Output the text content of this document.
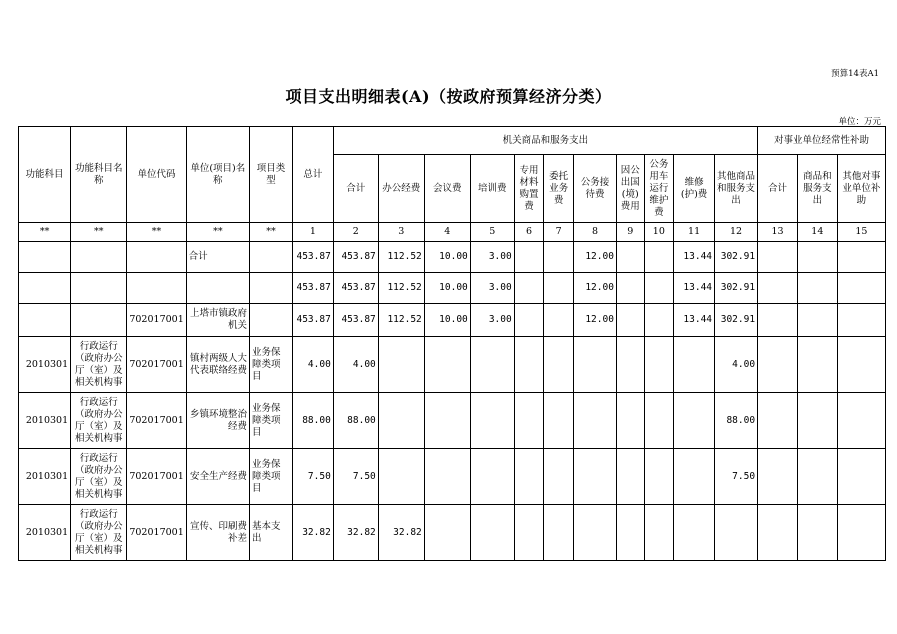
预算14表A1
项目支出明细表(A)（按政府预算经济分类）
单位：万元
功能科目	功能科目名称	单位代码	单位(项目)名称	项目类型	总计	机关商品和服务支出											对事业单位经常性补助		
						合计	办公经费	会议费	培训费	专用材料购置费	委托业务费	公务接待费	因公出国(境)费用	公务用车运行维护费	维修(护)费	其他商品和服务支出	合计	商品和服务支出	其他对事业单位补助
**	**	**	**	**	1	2	3	4	5	6	7	8	9	10	11	12	13	14	15
			合计		453.87	453.87	112.52	10.00	3.00			12.00			13.44	302.91			
					453.87	453.87	112.52	10.00	3.00			12.00			13.44	302.91			
		702017001	上塔市镇政府机关		453.87	453.87	112.52	10.00	3.00			12.00			13.44	302.91			
2010301	行政运行（政府办公厅（室）及相关机构事	702017001	镇村两级人大代表联络经费	业务保障类项目	4.00	4.00										4.00			
2010301	行政运行（政府办公厅（室）及相关机构事	702017001	乡镇环境整治经费	业务保障类项目	88.00	88.00										88.00			
2010301	行政运行（政府办公厅（室）及相关机构事	702017001	安全生产经费	业务保障类项目	7.50	7.50										7.50			
2010301	行政运行（政府办公厅（室）及相关机构事	702017001	宣传、印刷费补差	基本支出	32.82	32.82	32.82												
